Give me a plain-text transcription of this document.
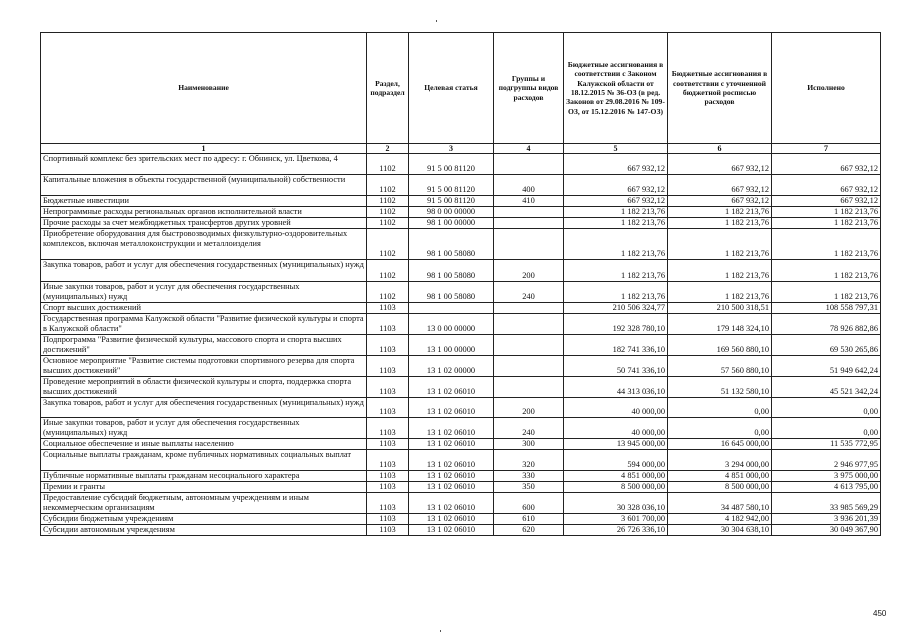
Наименование	Раздел, подраздел	Целевая статья	Группы и подгруппы видов расходов	Бюджетные ассигнования в соответствии с Законом Калужской области от 18.12.2015 № 36-ОЗ (в ред. Законов от 29.08.2016 № 109-ОЗ, от 15.12.2016 № 147-ОЗ)	Бюджетные ассигнования в соответствии с уточненной бюджетной росписью расходов	Исполнено
1	2	3	4	5	6	7
Спортивный комплекс без зрительских мест по адресу: г. Обнинск, ул. Цветкова, 4	1102	91 5 00 81120		667 932,12	667 932,12	667 932,12
Капитальные вложения в объекты государственной (муниципальной) собственности	1102	91 5 00 81120	400	667 932,12	667 932,12	667 932,12
Бюджетные инвестиции	1102	91 5 00 81120	410	667 932,12	667 932,12	667 932,12
Непрограммные расходы региональных органов исполнительной власти	1102	98 0 00 00000		1 182 213,76	1 182 213,76	1 182 213,76
Прочие расходы за счет межбюджетных трансфертов других уровней	1102	98 1 00 00000		1 182 213,76	1 182 213,76	1 182 213,76
Приобретение оборудования для быстровозводимых физкультурно-оздоровительных комплексов, включая металлоконструкции и металлоизделия	1102	98 1 00 58080		1 182 213,76	1 182 213,76	1 182 213,76
Закупка товаров, работ и услуг для обеспечения государственных (муниципальных) нужд	1102	98 1 00 58080	200	1 182 213,76	1 182 213,76	1 182 213,76
Иные закупки товаров, работ и услуг для обеспечения государственных (муниципальных) нужд	1102	98 1 00 58080	240	1 182 213,76	1 182 213,76	1 182 213,76
Спорт высших достижений	1103			210 506 324,77	210 500 318,51	108 558 797,31
Государственная программа Калужской области "Развитие физической культуры и спорта в Калужской области"	1103	13 0 00 00000		192 328 780,10	179 148 324,10	78 926 882,86
Подпрограмма "Развитие физической культуры, массового спорта и спорта высших достижений"	1103	13 1 00 00000		182 741 336,10	169 560 880,10	69 530 265,86
Основное мероприятие "Развитие системы подготовки спортивного резерва для спорта высших достижений"	1103	13 1 02 00000		50 741 336,10	57 560 880,10	51 949 642,24
Проведение мероприятий в области физической культуры и спорта, поддержка спорта высших достижений	1103	13 1 02 06010		44 313 036,10	51 132 580,10	45 521 342,24
Закупка товаров, работ и услуг для обеспечения государственных (муниципальных) нужд	1103	13 1 02 06010	200	40 000,00	0,00	0,00
Иные закупки товаров, работ и услуг для обеспечения государственных (муниципальных) нужд	1103	13 1 02 06010	240	40 000,00	0,00	0,00
Социальное обеспечение и иные выплаты населению	1103	13 1 02 06010	300	13 945 000,00	16 645 000,00	11 535 772,95
Социальные выплаты гражданам, кроме публичных нормативных социальных выплат	1103	13 1 02 06010	320	594 000,00	3 294 000,00	2 946 977,95
Публичные нормативные выплаты гражданам несоциального характера	1103	13 1 02 06010	330	4 851 000,00	4 851 000,00	3 975 000,00
Премии и гранты	1103	13 1 02 06010	350	8 500 000,00	8 500 000,00	4 613 795,00
Предоставление субсидий бюджетным, автономным учреждениям и иным некоммерческим организациям	1103	13 1 02 06010	600	30 328 036,10	34 487 580,10	33 985 569,29
Субсидии бюджетным учреждениям	1103	13 1 02 06010	610	3 601 700,00	4 182 942,00	3 936 201,39
Субсидии автономным учреждениям	1103	13 1 02 06010	620	26 726 336,10	30 304 638,10	30 049 367,90
450
